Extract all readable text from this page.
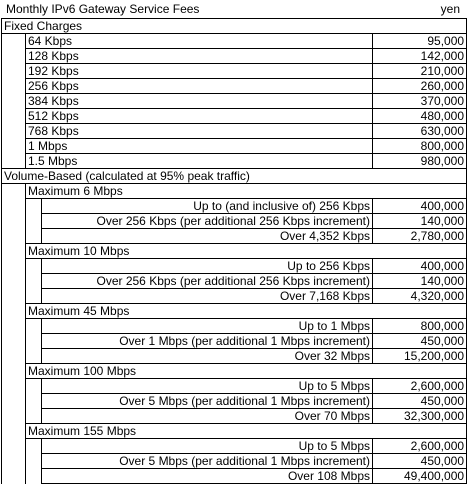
Monthly IPv6 Gateway Service Fees	yen
Fixed Charges			
	64 Kbps		95,000
	128 Kbps		142,000
	192 Kbps		210,000
	256 Kbps		260,000
	384 Kbps		370,000
	512 Kbps		480,000
	768 Kbps		630,000
	1 Mbps		800,000
	1.5 Mbps		980,000
Volume-Based (calculated at 95% peak traffic)			
	Maximum 6 Mbps		
		Up to (and inclusive of) 256 Kbps	400,000
		Over 256 Kbps (per additional 256 Kbps increment)	140,000
		Over 4,352 Kbps	2,780,000
	Maximum 10 Mbps		
		Up to 256 Kbps	400,000
		Over 256 Kbps (per additional 256 Kbps increment)	140,000
		Over 7,168 Kbps	4,320,000
	Maximum 45 Mbps		
		Up to 1 Mbps	800,000
		Over 1 Mbps (per additional 1 Mbps increment)	450,000
		Over 32 Mbps	15,200,000
	Maximum 100 Mbps		
		Up to 5 Mbps	2,600,000
		Over 5 Mbps (per additional 1 Mbps increment)	450,000
		Over 70 Mbps	32,300,000
	Maximum 155 Mbps		
		Up to 5 Mbps	2,600,000
		Over 5 Mbps (per additional 1 Mbps increment)	450,000
		Over 108 Mbps	49,400,000
